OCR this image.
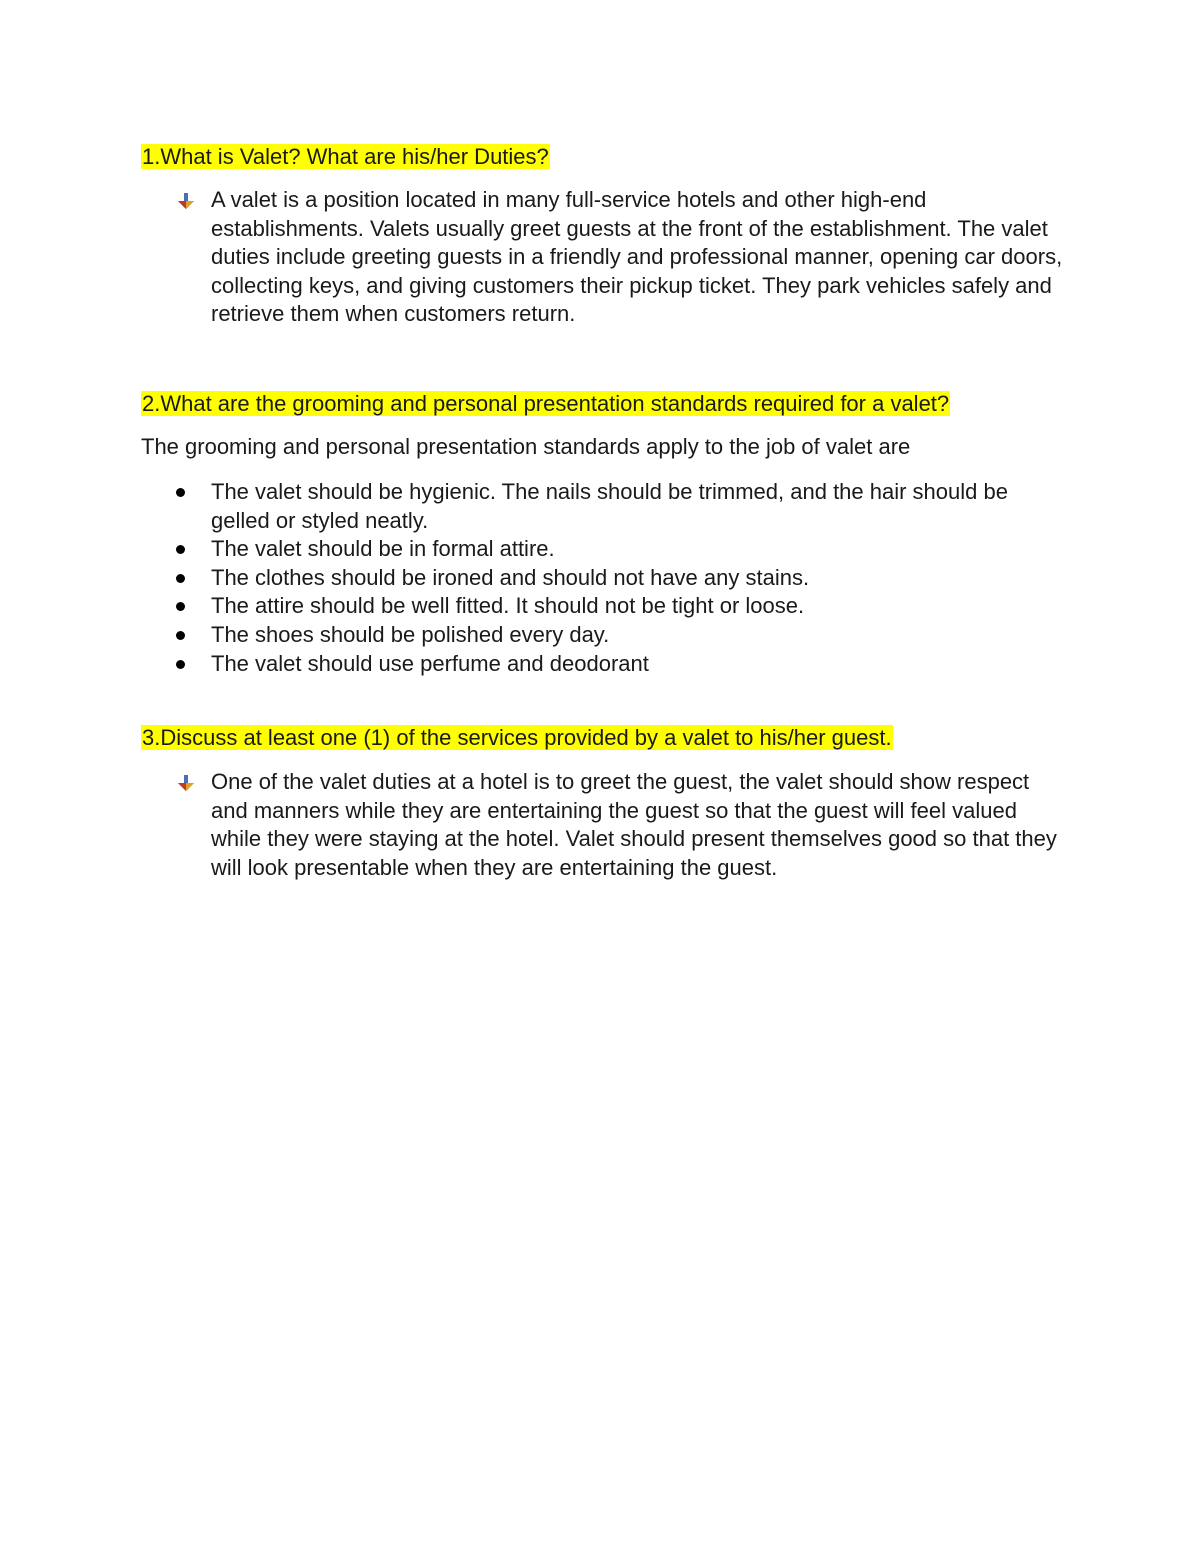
1.What is Valet? What are his/her Duties?

A valet is a position located in many full-service hotels and other high-end establishments. Valets usually greet guests at the front of the establishment. The valet duties include greeting guests in a friendly and professional manner, opening car doors, collecting keys, and giving customers their pickup ticket. They park vehicles safely and retrieve them when customers return.

2.What are the grooming and personal presentation standards required for a valet?

The grooming and personal presentation standards apply to the job of valet are

The valet should be hygienic. The nails should be trimmed, and the hair should be gelled or styled neatly.
The valet should be in formal attire.
The clothes should be ironed and should not have any stains.
The attire should be well fitted. It should not be tight or loose.
The shoes should be polished every day.
The valet should use perfume and deodorant

3.Discuss at least one (1) of the services provided by a valet to his/her guest.

One of the valet duties at a hotel is to greet the guest, the valet should show respect and manners while they are entertaining the guest so that the guest will feel valued while they were staying at the hotel. Valet should present themselves good so that they will look presentable when they are entertaining the guest.
